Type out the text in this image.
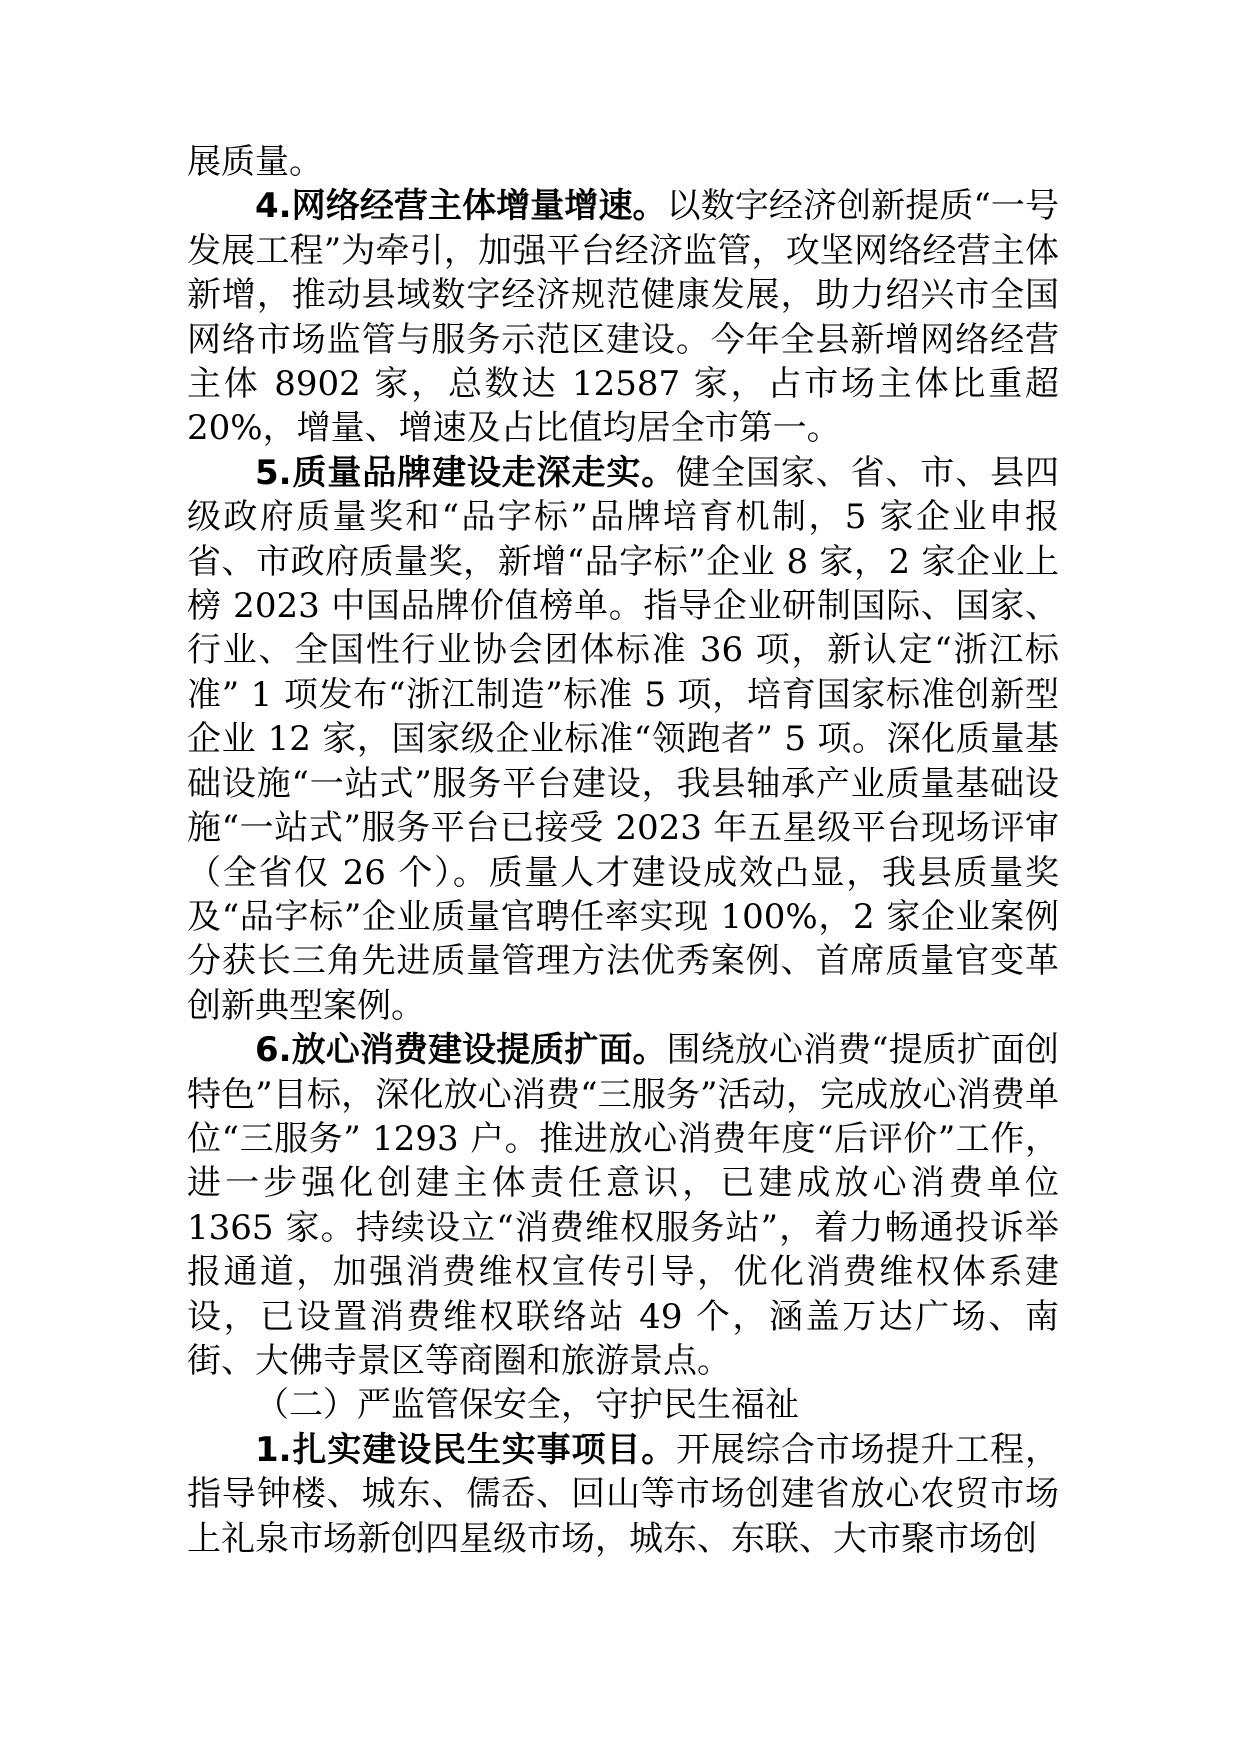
展质量。

4.网络经营主体增量增速。以数字经济创新提质“一号发展工程”为牵引，加强平台经济监管，攻坚网络经营主体新增，推动县域数字经济规范健康发展，助力绍兴市全国网络市场监管与服务示范区建设。今年全县新增网络经营主体 8902 家，总数达 12587 家，占市场主体比重超 20%，增量、增速及占比值均居全市第一。

5.质量品牌建设走深走实。健全国家、省、市、县四级政府质量奖和“品字标”品牌培育机制，5 家企业申报省、市政府质量奖，新增“品字标”企业 8 家，2 家企业上榜 2023 中国品牌价值榜单。指导企业研制国际、国家、行业、全国性行业协会团体标准 36 项，新认定“浙江标准” 1 项发布“浙江制造”标准 5 项，培育国家标准创新型企业 12 家，国家级企业标准“领跑者” 5 项。深化质量基础设施“一站式”服务平台建设，我县轴承产业质量基础设施“一站式”服务平台已接受 2023 年五星级平台现场评审（全省仅 26 个）。质量人才建设成效凸显，我县质量奖及“品字标”企业质量官聘任率实现 100%，2 家企业案例分获长三角先进质量管理方法优秀案例、首席质量官变革创新典型案例。

6.放心消费建设提质扩面。围绕放心消费“提质扩面创特色”目标，深化放心消费“三服务”活动，完成放心消费单位“三服务” 1293 户。推进放心消费年度“后评价”工作，进一步强化创建主体责任意识，已建成放心消费单位 1365 家。持续设立“消费维权服务站”，着力畅通投诉举报通道，加强消费维权宣传引导，优化消费维权体系建设，已设置消费维权联络站 49 个，涵盖万达广场、南街、大佛寺景区等商圈和旅游景点。

（二）严监管保安全，守护民生福祉

1.扎实建设民生实事项目。开展综合市场提升工程，指导钟楼、城东、儒岙、回山等市场创建省放心农贸市场上礼泉市场新创四星级市场，城东、东联、大市聚市场创
